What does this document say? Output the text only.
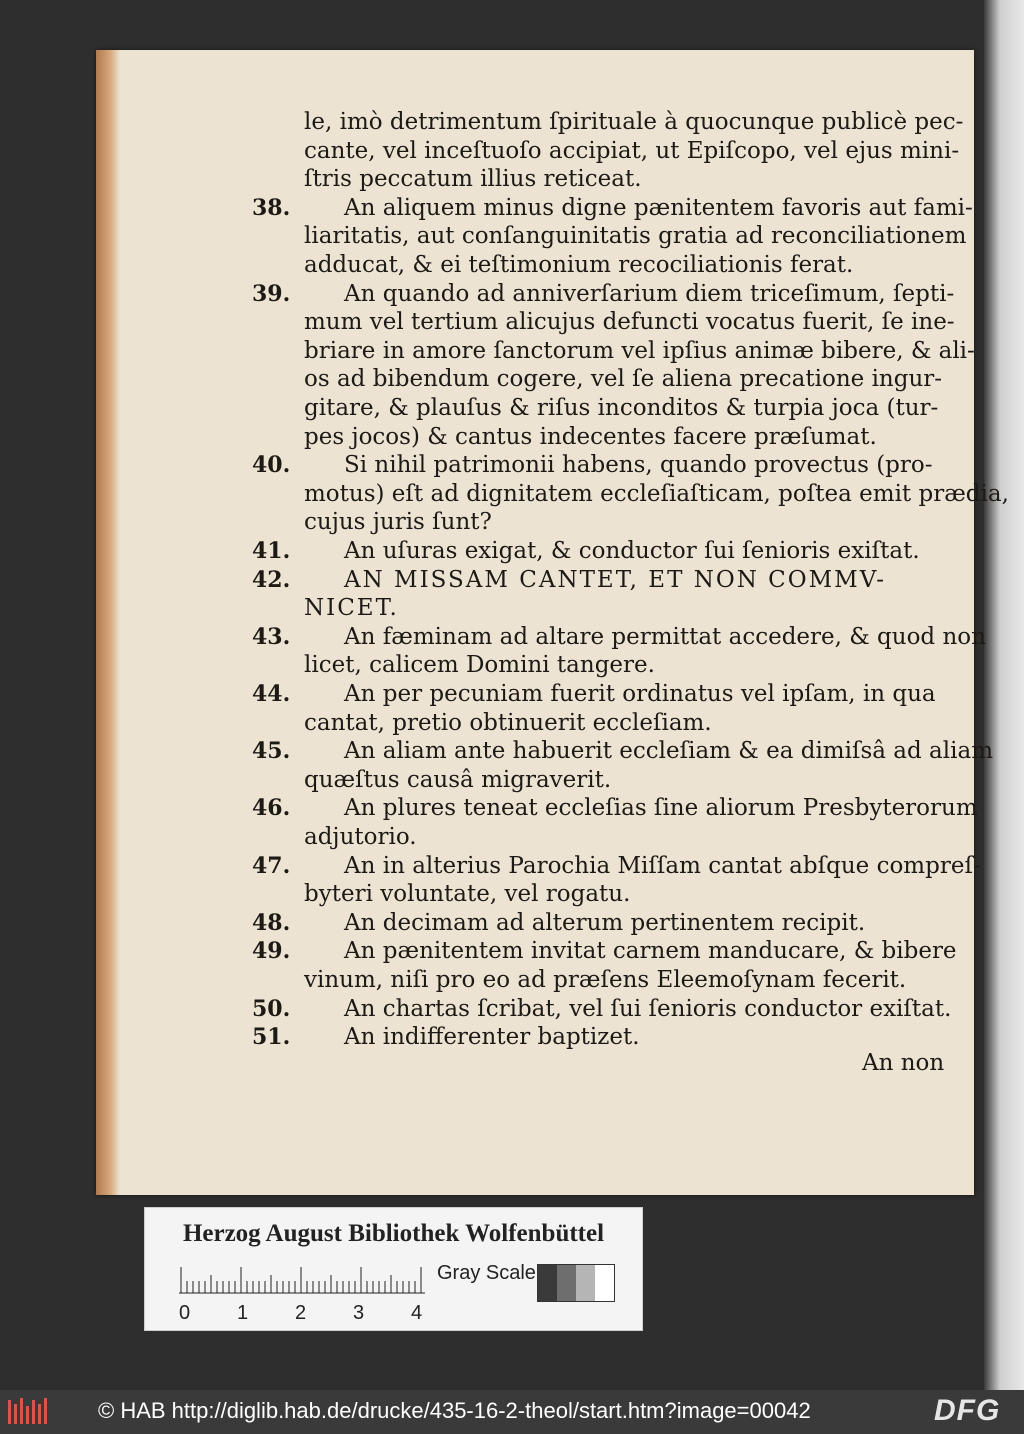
le, imò detrimentum ſpirituale à quocunque publicè pec-
cante, vel inceſtuoſo accipiat, ut Epiſcopo, vel ejus mini-
ſtris peccatum illius reticeat.
38.	An aliquem minus digne pænitentem favoris aut fami-
liaritatis, aut conſanguinitatis gratia ad reconciliationem
adducat, & ei teſtimonium recociliationis ferat.
39.	An quando ad anniverſarium diem triceſimum, ſepti-
mum vel tertium alicujus defuncti vocatus fuerit, ſe ine-
briare in amore ſanctorum vel ipſius animæ bibere, & ali-
os ad bibendum cogere, vel ſe aliena precatione ingur-
gitare, & plauſus & riſus inconditos & turpia joca (tur-
pes jocos) & cantus indecentes facere præſumat.
40.	Si nihil patrimonii habens, quando provectus (pro-
motus) eſt ad dignitatem eccleſiaſticam, poſtea emit prædia,
cujus juris ſunt?
41.	An uſuras exigat, & conductor ſui ſenioris exiſtat.
42.	AN MISSAM CANTET, ET NON COMMV-
NICET.
43.	An fæminam ad altare permittat accedere, & quod non
licet, calicem Domini tangere.
44.	An per pecuniam fuerit ordinatus vel ipſam, in qua
cantat, pretio obtinuerit eccleſiam.
45.	An aliam ante habuerit eccleſiam & ea dimiſsâ ad aliam
quæſtus causâ migraverit.
46.	An plures teneat eccleſias ſine aliorum Presbyterorum
adjutorio.
47.	An in alterius Parochia Miſſam cantat abſque compreſ-
byteri voluntate, vel rogatu.
48.	An decimam ad alterum pertinentem recipit.
49.	An pænitentem invitat carnem manducare, & bibere
vinum, niſi pro eo ad præſens Eleemoſynam fecerit.
50.	An chartas ſcribat, vel ſui ſenioris conductor exiſtat.
51.	An indifferenter baptizet.
An non
Herzog August Bibliothek Wolfenbüttel
0 1 2 3 4
Gray Scale
© HAB http://diglib.hab.de/drucke/435-16-2-theol/start.htm?image=00042	DFG
